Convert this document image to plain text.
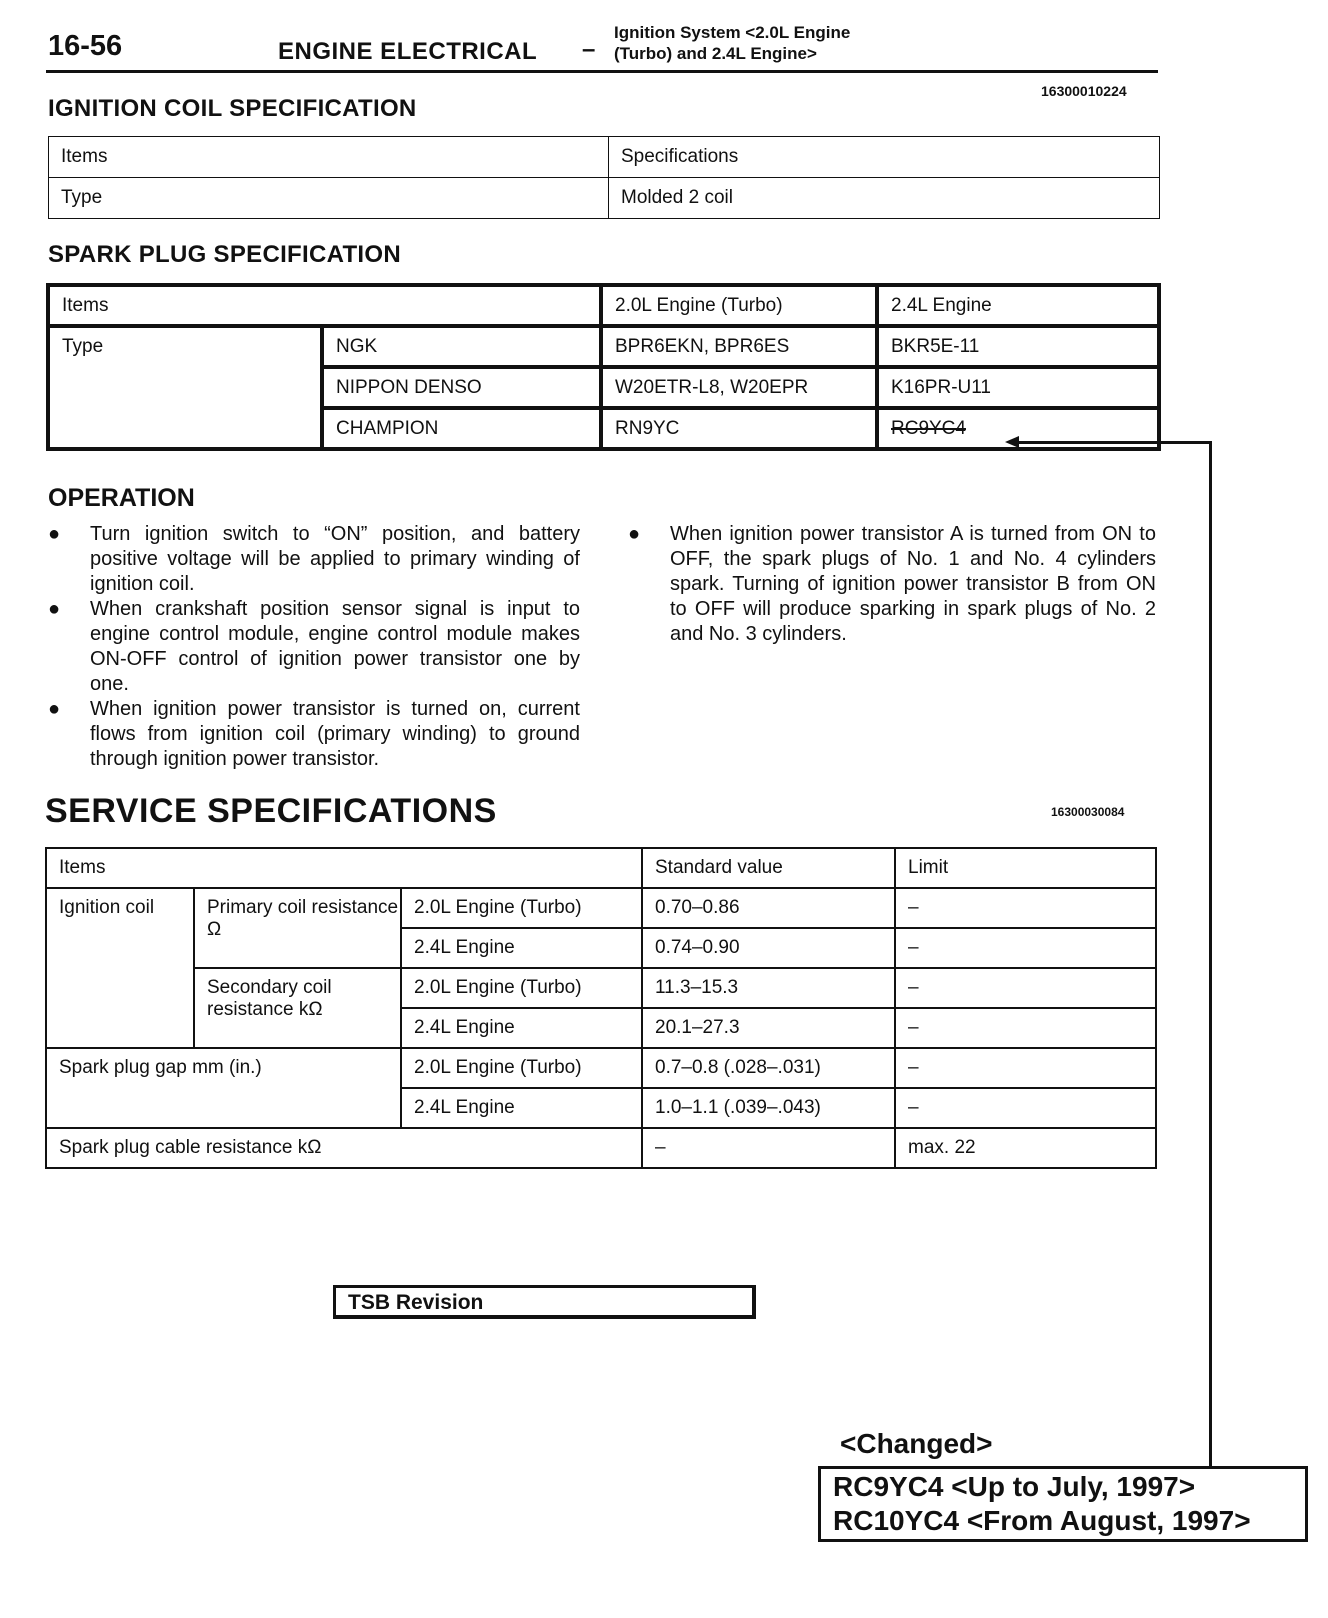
16-56	ENGINE ELECTRICAL –
Ignition System <2.0L Engine
(Turbo) and 2.4L Engine>
IGNITION COIL SPECIFICATION
16300010224
Items	Specifications
Type	Molded 2 coil
SPARK PLUG SPECIFICATION
Items		2.0L Engine (Turbo)	2.4L Engine
Type	NGK	BPR6EKN, BPR6ES	BKR5E-11
	NIPPON DENSO	W20ETR-L8, W20EPR	K16PR-U11
	CHAMPION	RN9YC	RC9YC4
OPERATION
● Turn ignition switch to “ON” position, and battery positive voltage will be applied to primary winding of ignition coil.
● When crankshaft position sensor signal is input to engine control module, engine control module makes ON-OFF control of ignition power transistor one by one.
● When ignition power transistor is turned on, current flows from ignition coil (primary winding) to ground through ignition power transistor.
● When ignition power transistor A is turned from ON to OFF, the spark plugs of No. 1 and No. 4 cylinders spark. Turning of ignition power transistor B from ON to OFF will produce sparking in spark plugs of No. 2 and No. 3 cylinders.
SERVICE SPECIFICATIONS	16300030084
Items			Standard value	Limit
Ignition coil	Primary coil resistance Ω	2.0L Engine (Turbo)	0.70–0.86	–
		2.4L Engine	0.74–0.90	–
	Secondary coil resistance kΩ	2.0L Engine (Turbo)	11.3–15.3	–
		2.4L Engine	20.1–27.3	–
Spark plug gap mm (in.)		2.0L Engine (Turbo)	0.7–0.8 (.028–.031)	–
		2.4L Engine	1.0–1.1 (.039–.043)	–
Spark plug cable resistance kΩ			–	max. 22
TSB Revision
<Changed>
RC9YC4 <Up to July, 1997>
RC10YC4 <From August, 1997>
